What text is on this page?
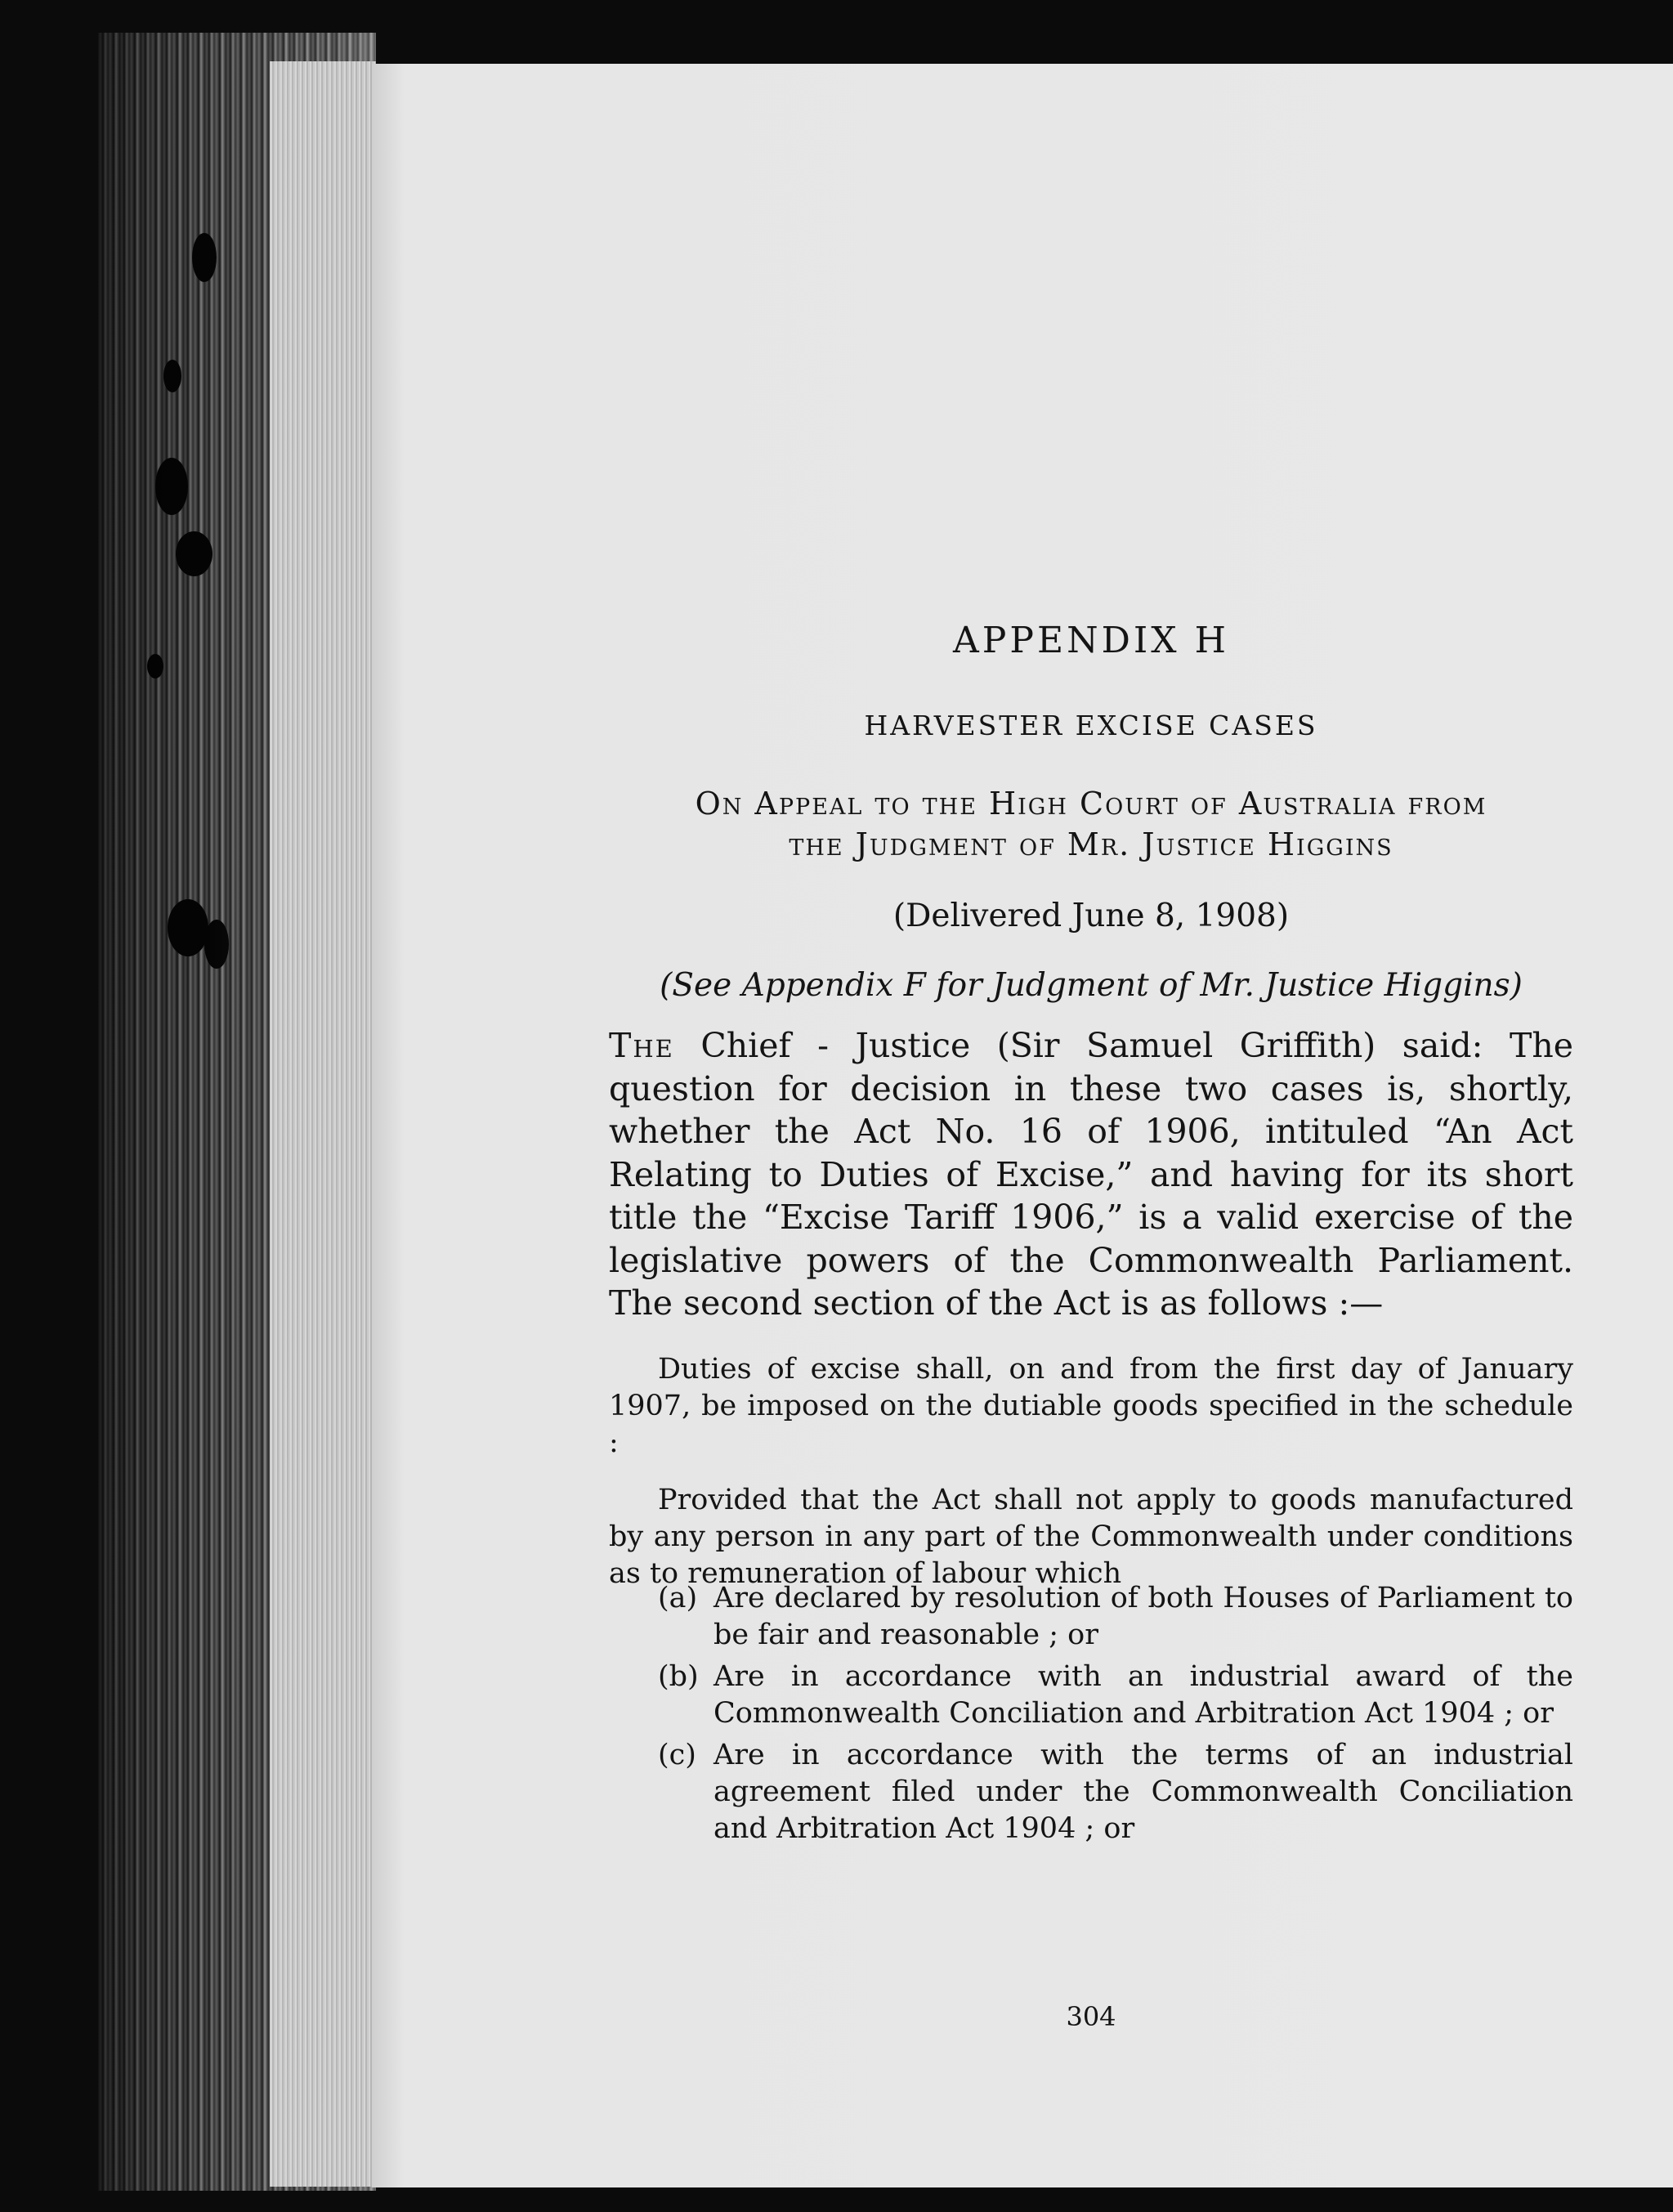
APPENDIX H
HARVESTER EXCISE CASES
On Appeal to the High Court of Australia from
the Judgment of Mr. Justice Higgins
(Delivered June 8, 1908)
(See Appendix F for Judgment of Mr. Justice Higgins)

The Chief - Justice (Sir Samuel Griffith) said: The question for decision in these two cases is, shortly, whether the Act No. 16 of 1906, intituled “An Act Relating to Duties of Excise,” and having for its short title the “Excise Tariff 1906,” is a valid exercise of the legislative powers of the Commonwealth Parliament. The second section of the Act is as follows :—

Duties of excise shall, on and from the first day of January 1907, be imposed on the dutiable goods specified in the schedule :

Provided that the Act shall not apply to goods manufactured by any person in any part of the Commonwealth under conditions as to remuneration of labour which

(a) Are declared by resolution of both Houses of Parliament to be fair and reasonable ; or
(b) Are in accordance with an industrial award of the Commonwealth Conciliation and Arbitration Act 1904 ; or
(c) Are in accordance with the terms of an industrial agreement filed under the Commonwealth Conciliation and Arbitration Act 1904 ; or
304
